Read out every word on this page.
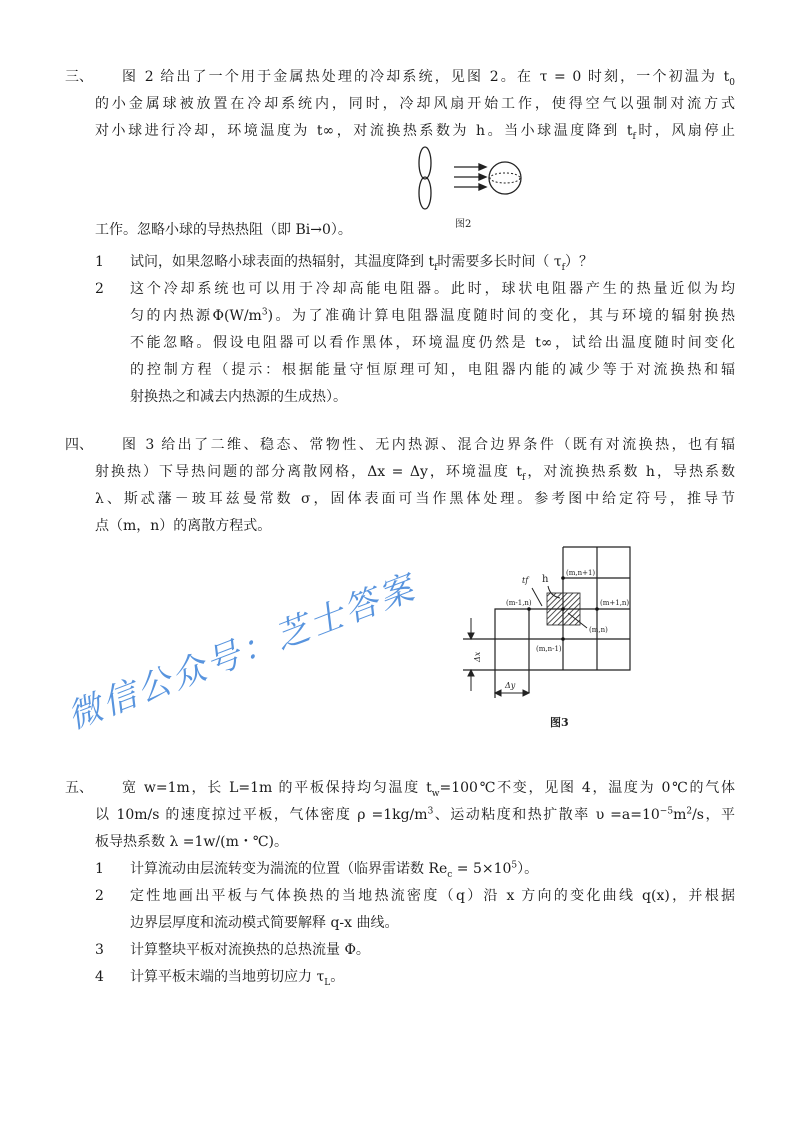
三、 图 2 给出了一个用于金属热处理的冷却系统，见图 2。在 τ = 0 时刻，一个初温为 $t_0$
的小金属球被放置在冷却系统内，同时，冷却风扇开始工作，使得空气以强制对流方式
对小球进行冷却，环境温度为 t∞，对流换热系数为 h。当小球温度降到 $t_f$时，风扇停止
图2
工作。忽略小球的导热热阻（即 Bi→0）。
1 试问，如果忽略小球表面的热辐射，其温度降到 $t_f$时需要多长时间（ $\tau_f$）？
2 这个冷却系统也可以用于冷却高能电阻器。此时，球状电阻器产生的热量近似为均
匀的内热源$\Phi(W/m^3)$。为了准确计算电阻器温度随时间的变化，其与环境的辐射换热
不能忽略。假设电阻器可以看作黑体，环境温度仍然是 t∞，试给出温度随时间变化
的控制方程（提示：根据能量守恒原理可知，电阻器内能的减少等于对流换热和辐
射换热之和减去内热源的生成热）。
四、 图 3 给出了二维、稳态、常物性、无内热源、混合边界条件（既有对流换热，也有辐
射换热）下导热问题的部分离散网格，Δx = Δy，环境温度 $t_f$，对流换热系数 h，导热系数
λ、斯忒藩－玻耳兹曼常数 σ，固体表面可当作黑体处理。参考图中给定符号，推导节
点（m，n）的离散方程式。
tf h
(m,n+1)
(m-1,n)	(m+1,n)
(m,n)
(m,n-1)
Δx
Δy
图3
微信公众号：芝士答案
五、 宽 w=1m，长 L=1m 的平板保持均匀温度 $t_w=100℃$不变，见图 4，温度为 0℃的气体
以 10m/s 的速度掠过平板，气体密度 $\rho =1kg/m^3$、运动粘度和热扩散率 $\upsilon =a=10^{-5}m^2/s$，平
板导热系数 λ =1w/(m・℃)。
1 计算流动由层流转变为湍流的位置（临界雷诺数 $Re_c = 5\times 10^5$）。
2 定性地画出平板与气体换热的当地热流密度（q）沿 x 方向的变化曲线 q(x)，并根据
边界层厚度和流动模式简要解释 q-x 曲线。
3 计算整块平板对流换热的总热流量 Φ。
4 计算平板末端的当地剪切应力 $\tau_L$。
